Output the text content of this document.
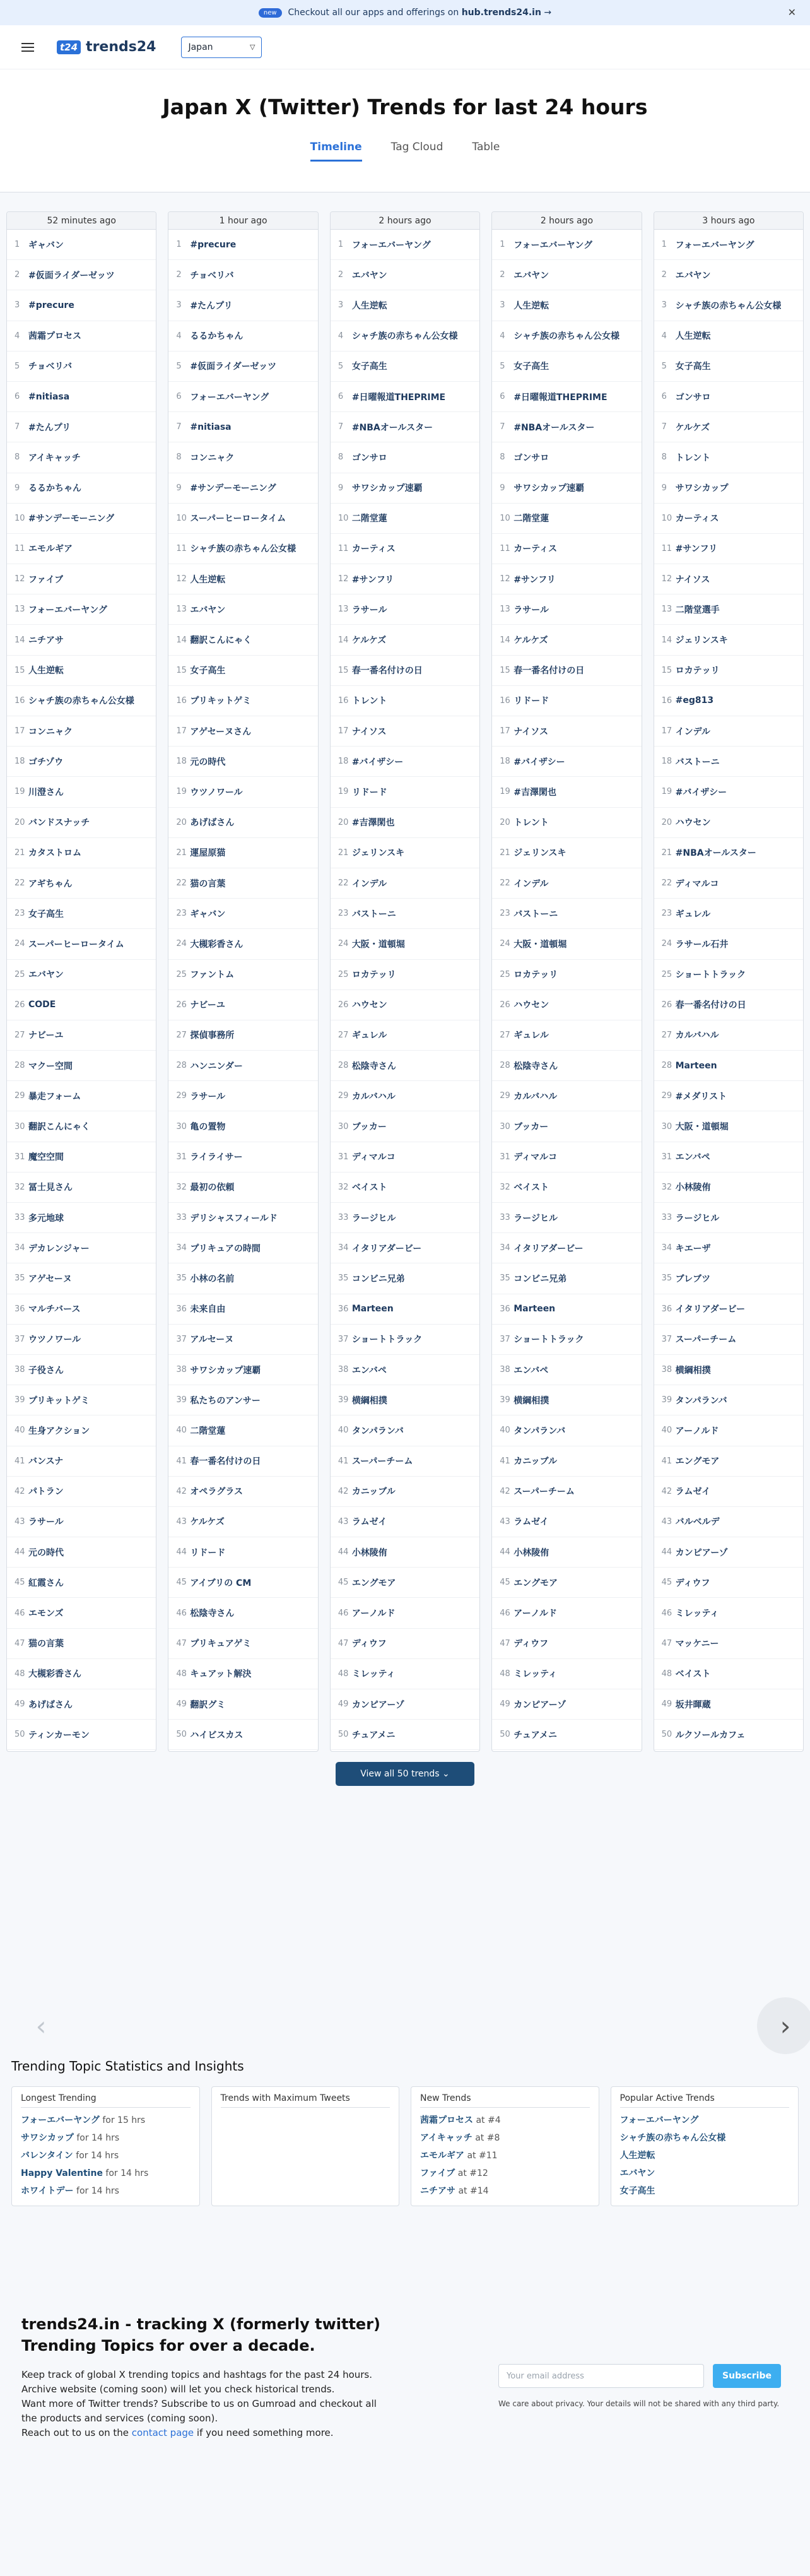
new	Checkout all our apps and offerings on hub.trends24.in →	✕
t24 trends24	Japan	▽
Japan X (Twitter) Trends for last 24 hours
Timeline	Tag Cloud	Table
52 minutes ago
1 ギャバン
2 #仮面ライダーゼッツ
3 #precure
4 茜霜プロセス
5 チョベリバ
6 #nitiasa
7 #たんプリ
8 アイキャッチ
9 るるかちゃん
10 #サンデーモーニング
11 エモルギア
12 ファイブ
13 フォーエバーヤング
14 ニチアサ
15 人生逆転
16 シャチ族の赤ちゃん公女様
17 コンニャク
18 ゴチゾウ
19 川澄さん
20 バンドスナッチ
21 カタストロム
22 アギちゃん
23 女子高生
24 スーパーヒーロータイム
25 エバヤン
26 CODE
27 ナビーユ
28 マクー空間
29 暴走フォーム
30 翻訳こんにゃく
31 魔空空間
32 冨士見さん
33 多元地球
34 デカレンジャー
35 アゲセーヌ
36 マルチバース
37 ウツノワール
38 子役さん
39 プリキットゲミ
40 生身アクション
41 バンスナ
42 パトラン
43 ラサール
44 元の時代
45 紅霞さん
46 エモンズ
47 猫の言葉
48 大槻彩香さん
49 あげばさん
50 ティンカーモン
1 hour ago
1 #precure
2 チョベリバ
3 #たんプリ
4 るるかちゃん
5 #仮面ライダーゼッツ
6 フォーエバーヤング
7 #nitiasa
8 コンニャク
9 #サンデーモーニング
10 スーパーヒーロータイム
11 シャチ族の赤ちゃん公女様
12 人生逆転
13 エバヤン
14 翻訳こんにゃく
15 女子高生
16 プリキットゲミ
17 アゲセーヌさん
18 元の時代
19 ウツノワール
20 あげばさん
21 運屋原猫
22 猫の言葉
23 ギャバン
24 大槻彩香さん
25 ファントム
26 ナビーユ
27 探偵事務所
28 ハンニンダー
29 ラサール
30 亀の置物
31 ライライサー
32 最初の依頼
33 デリシャスフィールド
34 プリキュアの時間
35 小林の名前
36 未来自由
37 アルセーヌ
38 サワシカップ速覇
39 私たちのアンサー
40 二階堂蓮
41 春一番名付けの日
42 オペラグラス
43 ケルケズ
44 リドード
45 アイブリの CM
46 松陰寺さん
47 プリキュアゲミ
48 キュアット解決
49 翻訳グミ
50 ハイビスカス
2 hours ago
1 フォーエバーヤング
2 エバヤン
3 人生逆転
4 シャチ族の赤ちゃん公女様
5 女子高生
6 #日曜報道THEPRIME
7 #NBAオールスター
8 ゴンサロ
9 サワシカップ速覇
10 二階堂蓮
11 カーティス
12 #サンフリ
13 ラサール
14 ケルケズ
15 春一番名付けの日
16 トレント
17 ナイソス
18 #バイザシー
19 リドード
20 #吉澤閑也
21 ジェリンスキ
22 インデル
23 バストーニ
24 大阪・道頓堀
25 ロカテッリ
26 ハウセン
27 ギュレル
28 松陰寺さん
29 カルバハル
30 ブッカー
31 ディマルコ
32 ベイスト
33 ラージヒル
34 イタリアダービー
35 コンビニ兄弟
36 Marteen
37 ショートトラック
38 エンバペ
39 横綱相撲
40 タンパランバ
41 スーパーチーム
42 カニッブル
43 ラムゼイ
44 小林陵侑
45 エングモア
46 アーノルド
47 ディウフ
48 ミレッティ
49 カンピアーゾ
50 チュアメニ
2 hours ago
1 フォーエバーヤング
2 エバヤン
3 人生逆転
4 シャチ族の赤ちゃん公女様
5 女子高生
6 #日曜報道THEPRIME
7 #NBAオールスター
8 ゴンサロ
9 サワシカップ速覇
10 二階堂蓮
11 カーティス
12 #サンフリ
13 ラサール
14 ケルケズ
15 春一番名付けの日
16 リドード
17 ナイソス
18 #バイザシー
19 #吉澤閑也
20 トレント
21 ジェリンスキ
22 インデル
23 バストーニ
24 大阪・道頓堀
25 ロカテッリ
26 ハウセン
27 ギュレル
28 松陰寺さん
29 カルバハル
30 ブッカー
31 ディマルコ
32 ベイスト
33 ラージヒル
34 イタリアダービー
35 コンビニ兄弟
36 Marteen
37 ショートトラック
38 エンバペ
39 横綱相撲
40 タンパランバ
41 カニッブル
42 スーパーチーム
43 ラムゼイ
44 小林陵侑
45 エングモア
46 アーノルド
47 ディウフ
48 ミレッティ
49 カンピアーゾ
50 チュアメニ
3 hours ago
1 フォーエバーヤング
2 エバヤン
3 シャチ族の赤ちゃん公女様
4 人生逆転
5 女子高生
6 ゴンサロ
7 ケルケズ
8 トレント
9 サワシカップ
10 カーティス
11 #サンフリ
12 ナイソス
13 二階堂選手
14 ジェリンスキ
15 ロカテッリ
16 #eg813
17 インデル
18 バストーニ
19 #バイザシー
20 ハウセン
21 #NBAオールスター
22 ディマルコ
23 ギュレル
24 ラサール石井
25 ショートトラック
26 春一番名付けの日
27 カルバハル
28 Marteen
29 #メダリスト
30 大阪・道頓堀
31 エンバペ
32 小林陵侑
33 ラージヒル
34 キエーザ
35 ブレブツ
36 イタリアダービー
37 スーパーチーム
38 横綱相撲
39 タンパランバ
40 アーノルド
41 エングモア
42 ラムゼイ
43 バルベルデ
44 カンピアーゾ
45 ディウフ
46 ミレッティ
47 マッケニー
48 ベイスト
49 坂井暉蔵
50 ルクソールカフェ
View all 50 trends ⌄
‹	›
Trending Topic Statistics and Insights
Longest Trending
フォーエバーヤング for 15 hrs
サワシカップ for 14 hrs
バレンタイン for 14 hrs
Happy Valentine for 14 hrs
ホワイトデー for 14 hrs
Trends with Maximum Tweets	New Trends
茜霜プロセス at #4
アイキャッチ at #8
エモルギア at #11
ファイブ at #12
ニチアサ at #14
Popular Active Trends
フォーエバーヤング
シャチ族の赤ちゃん公女様
人生逆転
エバヤン
女子高生
trends24.in - tracking X (formerly twitter) Trending Topics for over a decade.

Keep track of global X trending topics and hashtags for the past 24 hours.

Archive website (coming soon) will let you check historical trends.

Want more of Twitter trends? Subscribe to us on Gumroad and checkout all the products and services (coming soon).

Reach out to us on the contact page if you need something more.

Your email address
Subscribe
We care about privacy. Your details will not be shared with any third party.
